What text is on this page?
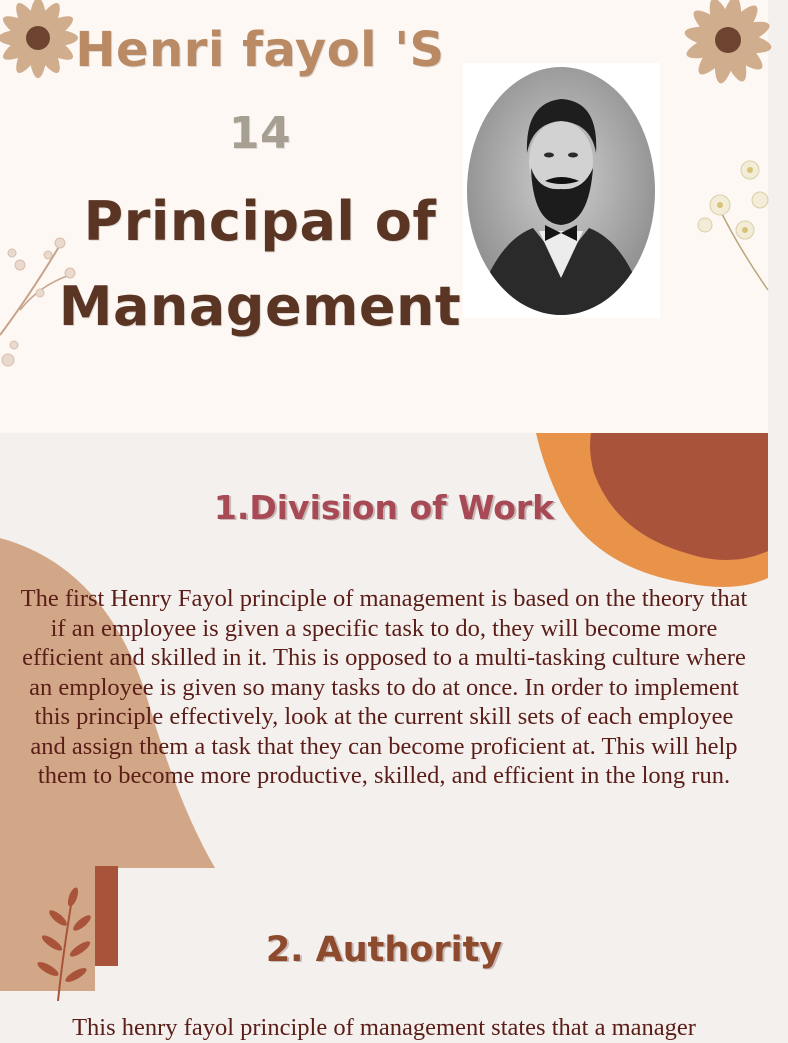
Henri fayol 'S
14
Principal of
Management
1.Division of Work
The first Henry Fayol principle of management is based on the theory that if an employee is given a specific task to do, they will become more efficient and skilled in it. This is opposed to a multi-tasking culture where an employee is given so many tasks to do at once. In order to implement this principle effectively, look at the current skill sets of each employee and assign them a task that they can become proficient at. This will help them to become more productive, skilled, and efficient in the long run.
2. Authority
This henry fayol principle of management states that a manager
